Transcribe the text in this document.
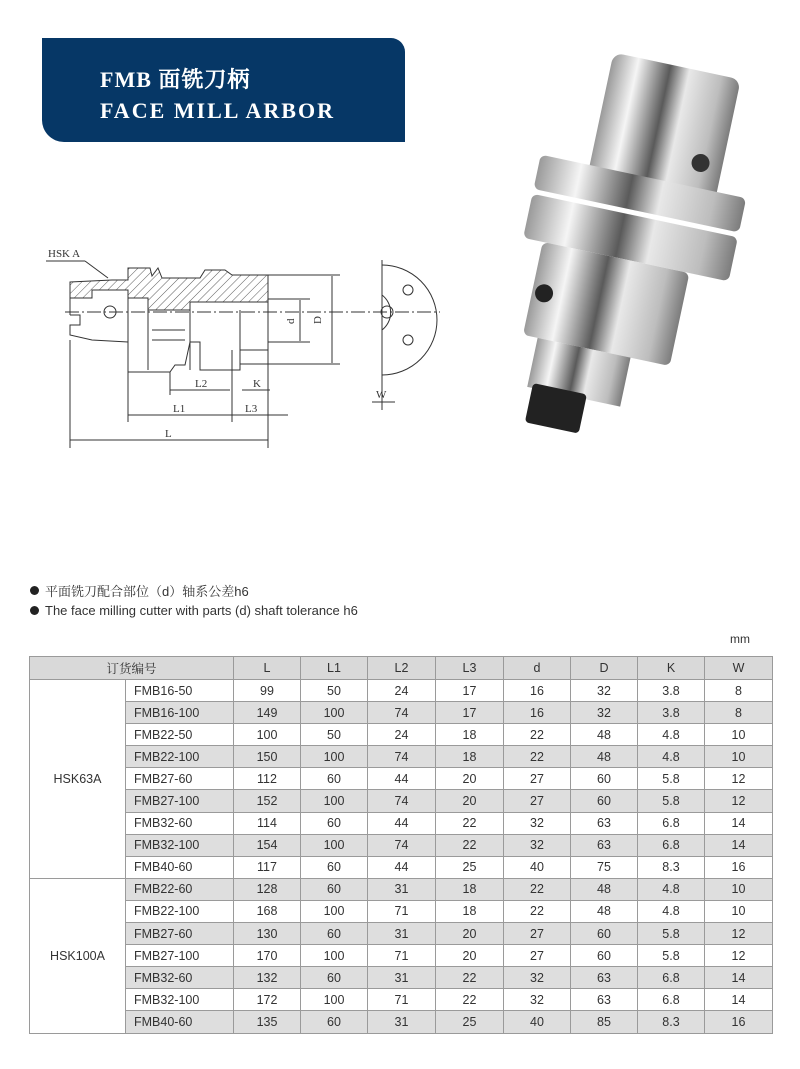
FMB 面铣刀柄
FACE MILL ARBOR
HSK A
d D
L2	K
L1	L3
L
W
平面铣刀配合部位（d）轴系公差h6
The face milling cutter with parts (d) shaft tolerance h6
mm
订货编号		L	L1	L2	L3	d	D	K	W
HSK63A	FMB16-50	99	50	24	17	16	32	3.8	8
	FMB16-100	149	100	74	17	16	32	3.8	8
	FMB22-50	100	50	24	18	22	48	4.8	10
	FMB22-100	150	100	74	18	22	48	4.8	10
	FMB27-60	112	60	44	20	27	60	5.8	12
	FMB27-100	152	100	74	20	27	60	5.8	12
	FMB32-60	114	60	44	22	32	63	6.8	14
	FMB32-100	154	100	74	22	32	63	6.8	14
	FMB40-60	117	60	44	25	40	75	8.3	16
HSK100A	FMB22-60	128	60	31	18	22	48	4.8	10
	FMB22-100	168	100	71	18	22	48	4.8	10
	FMB27-60	130	60	31	20	27	60	5.8	12
	FMB27-100	170	100	71	20	27	60	5.8	12
	FMB32-60	132	60	31	22	32	63	6.8	14
	FMB32-100	172	100	71	22	32	63	6.8	14
	FMB40-60	135	60	31	25	40	85	8.3	16
